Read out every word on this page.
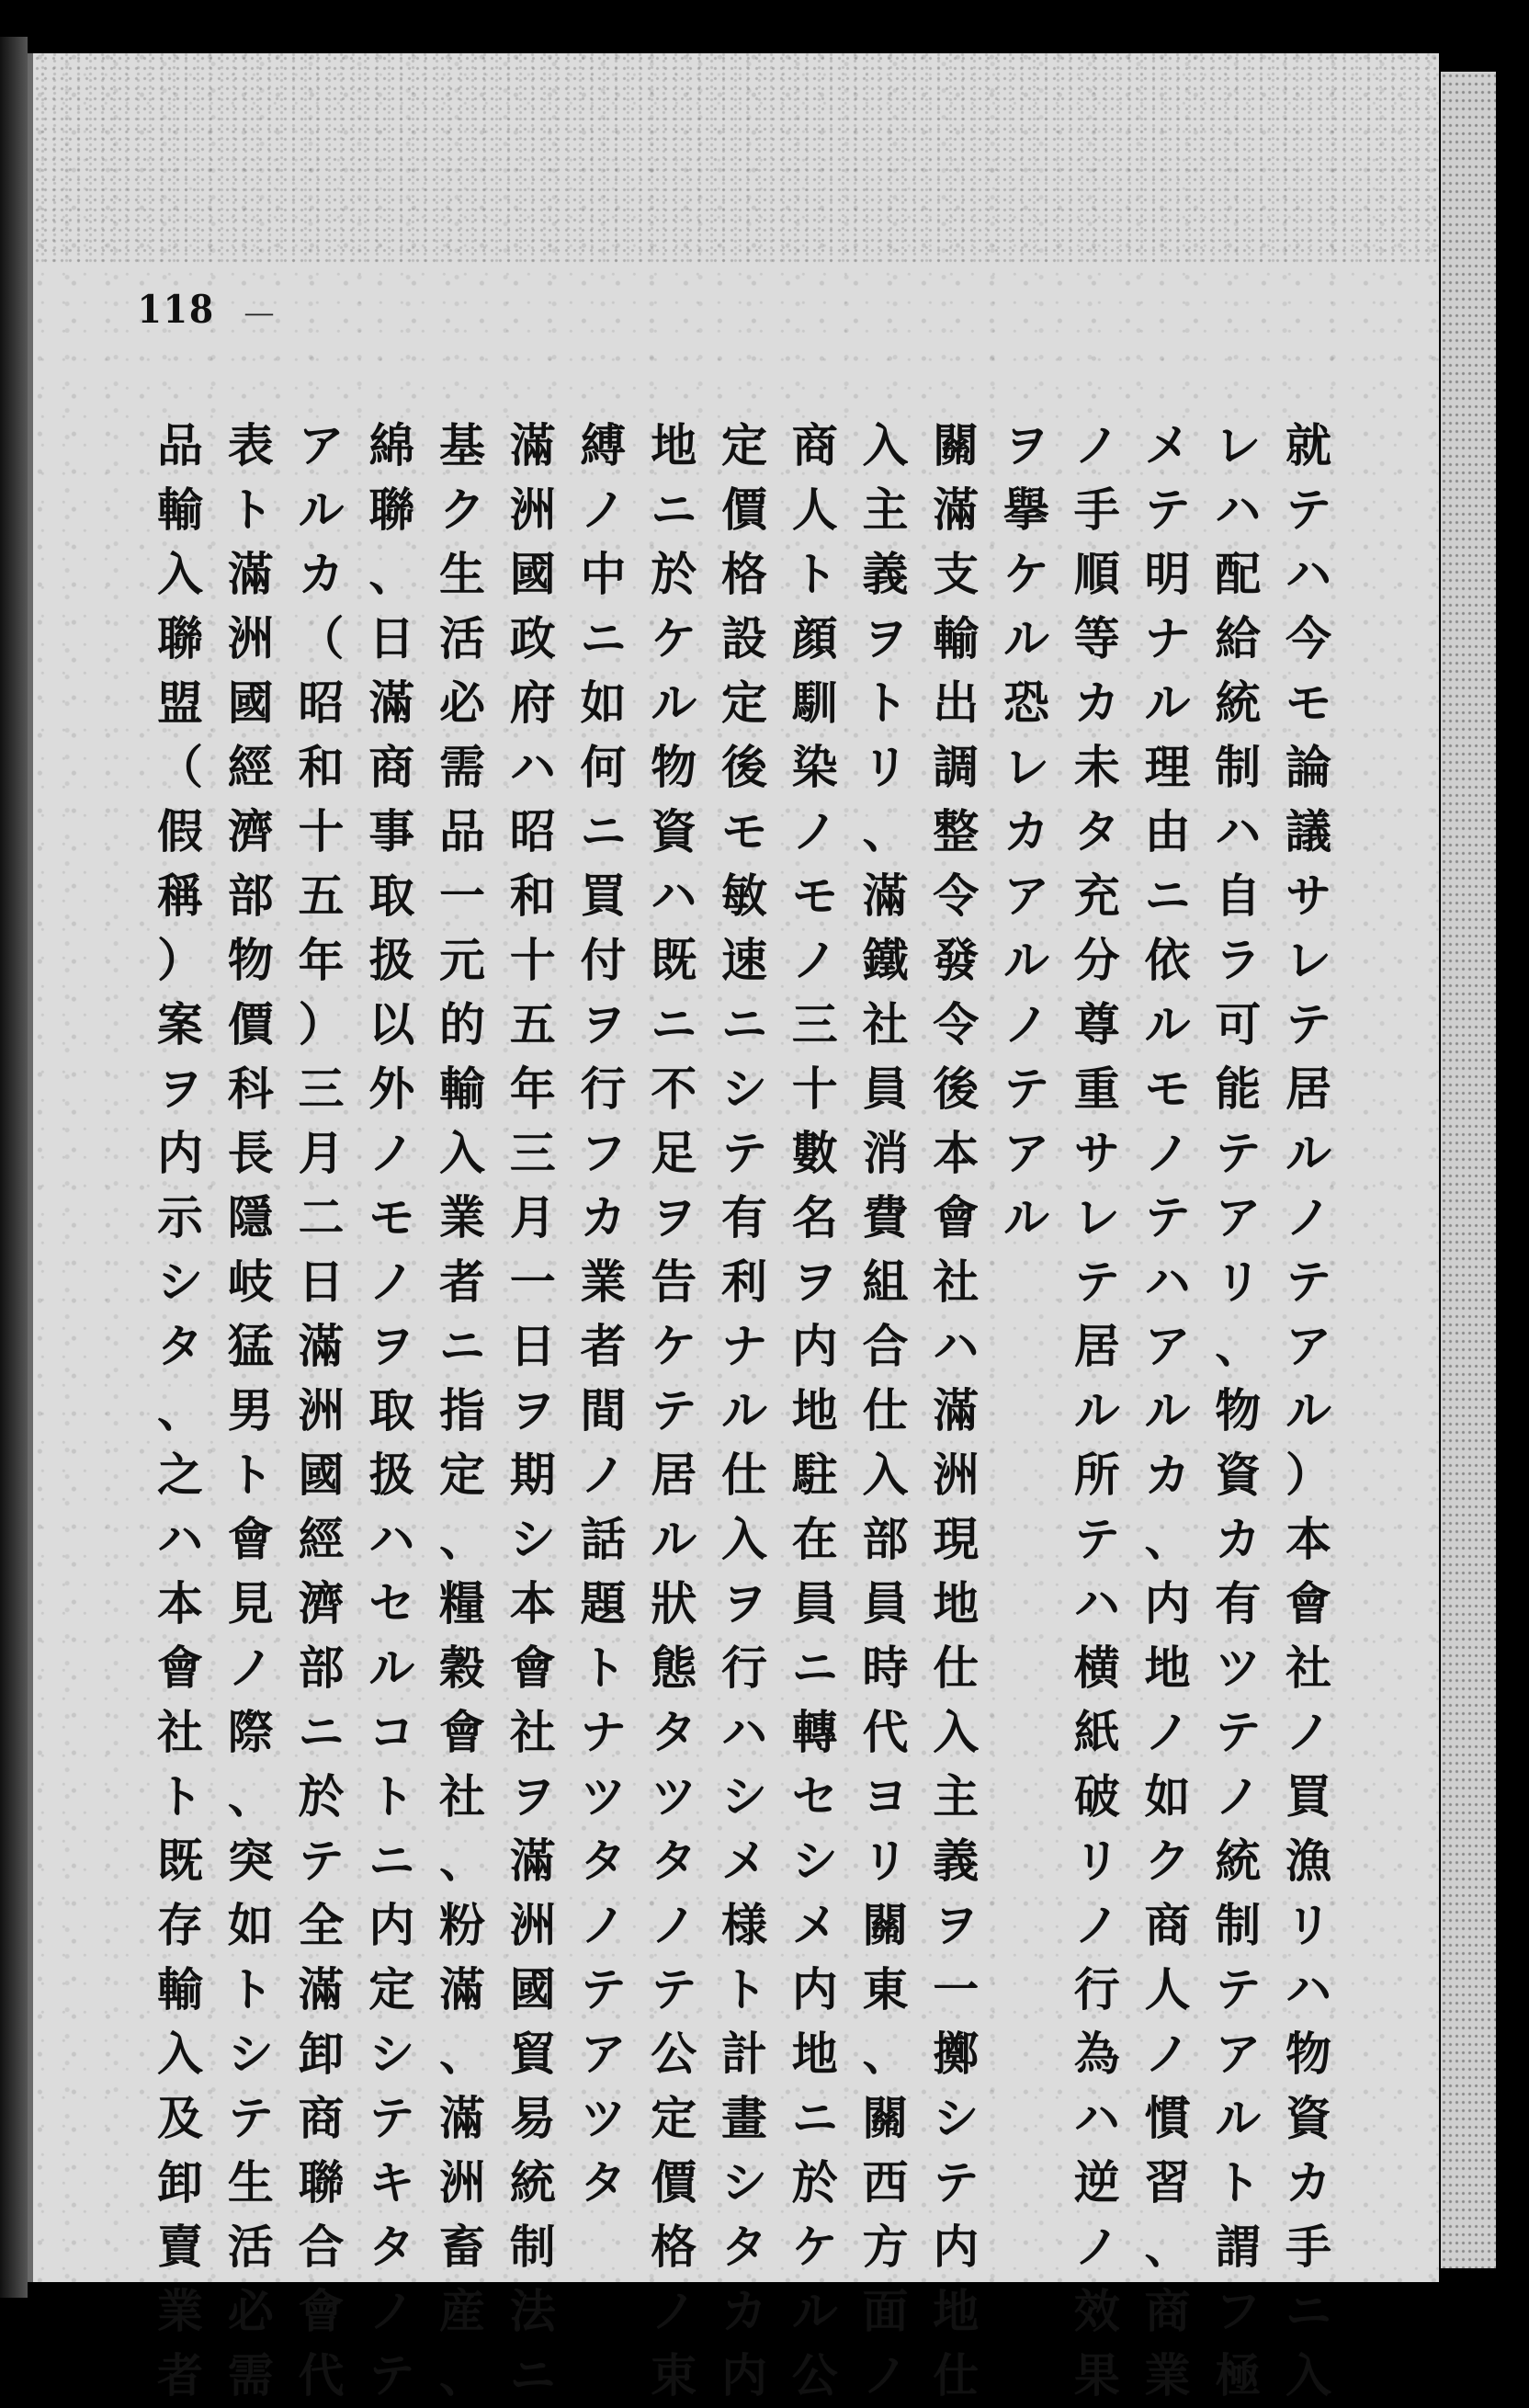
118 －
就
テ
ハ
今
モ
論
議
サ
レ
テ
居
ル
ノ
テ
ア
ル
）
本
會
社
ノ
買
漁
リ
ハ
物
資
カ
手
ニ
入
レ
ハ
配
給
統
制
ハ
自
ラ
可
能
テ
ア
リ
、
物
資
カ
有
ツ
テ
ノ
統
制
テ
ア
ル
ト
謂
フ
極
メ
テ
明
ナ
ル
理
由
ニ
依
ル
モ
ノ
テ
ハ
ア
ル
カ
、
内
地
ノ
如
ク
商
人
ノ
慣
習
、
商
業
ノ
手
順
等
カ
未
タ
充
分
尊
重
サ
レ
テ
居
ル
所
テ
ハ
横
紙
破
リ
ノ
行
為
ハ
逆
ノ
效
果
ヲ
擧
ケ
ル
恐
レ
カ
ア
ル
ノ
テ
ア
ル
關
滿
支
輸
出
調
整
令
發
令
後
本
會
社
ハ
滿
洲
現
地
仕
入
主
義
ヲ
一
擲
シ
テ
内
地
仕
入
主
義
ヲ
ト
リ
、
滿
鐵
社
員
消
費
組
合
仕
入
部
員
時
代
ヨ
リ
關
東
、
關
西
方
面
ノ
商
人
ト
顔
馴
染
ノ
モ
ノ
三
十
數
名
ヲ
内
地
駐
在
員
ニ
轉
セ
シ
メ
内
地
ニ
於
ケ
ル
公
定
價
格
設
定
後
モ
敏
速
ニ
シ
テ
有
利
ナ
ル
仕
入
ヲ
行
ハ
シ
メ
様
ト
計
畫
シ
タ
カ
内
地
ニ
於
ケ
ル
物
資
ハ
既
ニ
不
足
ヲ
告
ケ
テ
居
ル
狀
態
タ
ツ
タ
ノ
テ
公
定
價
格
ノ
束
縛
ノ
中
ニ
如
何
ニ
買
付
ヲ
行
フ
カ
業
者
間
ノ
話
題
ト
ナ
ツ
タ
ノ
テ
ア
ツ
タ
滿
洲
國
政
府
ハ
昭
和
十
五
年
三
月
一
日
ヲ
期
シ
本
會
社
ヲ
滿
洲
國
貿
易
統
制
法
ニ
基
ク
生
活
必
需
品
一
元
的
輸
入
業
者
ニ
指
定
、
糧
穀
會
社
、
粉
滿
、
滿
洲
畜
産
、
綿
聯
、
日
滿
商
事
取
扱
以
外
ノ
モ
ノ
ヲ
取
扱
ハ
セ
ル
コ
ト
ニ
内
定
シ
テ
キ
タ
ノ
テ
ア
ル
カ
（
昭
和
十
五
年
）
三
月
二
日
滿
洲
國
經
濟
部
ニ
於
テ
全
滿
卸
商
聯
合
會
代
表
ト
滿
洲
國
經
濟
部
物
價
科
長
隱
岐
猛
男
ト
會
見
ノ
際
、
突
如
ト
シ
テ
生
活
必
需
品
輸
入
聯
盟
（
假
稱
）
案
ヲ
内
示
シ
タ
、
之
ハ
本
會
社
ト
既
存
輸
入
及
卸
賣
業
者
